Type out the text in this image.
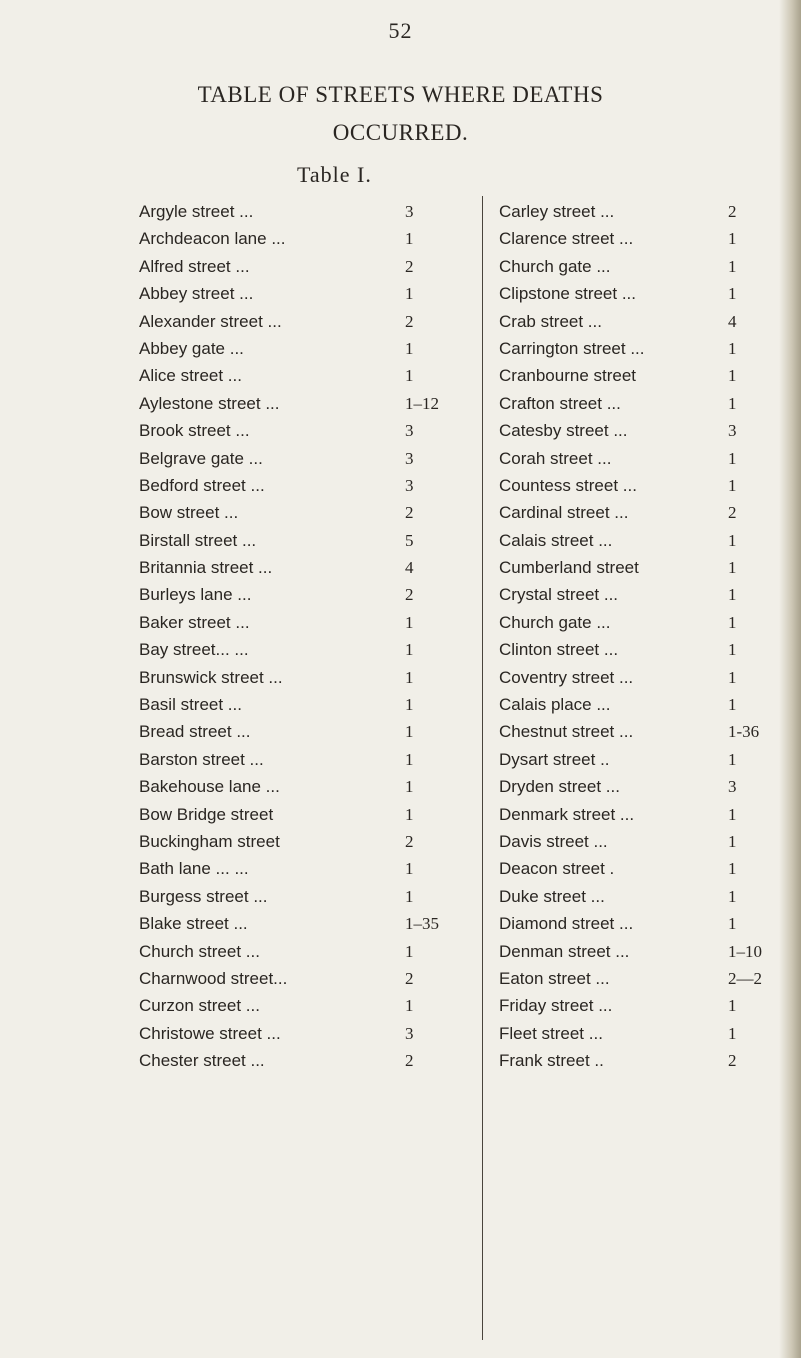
52
TABLE OF STREETS WHERE DEATHS
OCCURRED.
Table I.
Argyle street ...	3
Archdeacon lane ...	1
Alfred street ...	2
Abbey street ...	1
Alexander street ...	2
Abbey gate ...	1
Alice street ...	1
Aylestone street ...	1–12
Brook street ...	3
Belgrave gate ...	3
Bedford street ...	3
Bow street ...	2
Birstall street ...	5
Britannia street ...	4
Burleys lane ...	2
Baker street ...	1
Bay street... ...	1
Brunswick street ...	1
Basil street ...	1
Bread street ...	1
Barston street ...	1
Bakehouse lane ...	1
Bow Bridge street	1
Buckingham street	2
Bath lane ... ...	1
Burgess street ...	1
Blake street ...	1–35
Church street ...	1
Charnwood street...	2
Curzon street ...	1
Christowe street ...	3
Chester street ...	2
Carley street ...	2
Clarence street ...	1
Church gate ...	1
Clipstone street ...	1
Crab street ...	4
Carrington street ...	1
Cranbourne street	1
Crafton street ...	1
Catesby street ...	3
Corah street ...	1
Countess street ...	1
Cardinal street ...	2
Calais street ...	1
Cumberland street	1
Crystal street ...	1
Church gate ...	1
Clinton street ...	1
Coventry street ...	1
Calais place ...	1
Chestnut street ...	1-36
Dysart street ..	1
Dryden street ...	3
Denmark street ...	1
Davis street ...	1
Deacon street .	1
Duke street ...	1
Diamond street ...	1
Denman street ...	1–10
Eaton street ...	2—2
Friday street ...	1
Fleet street ...	1
Frank street ..	2
